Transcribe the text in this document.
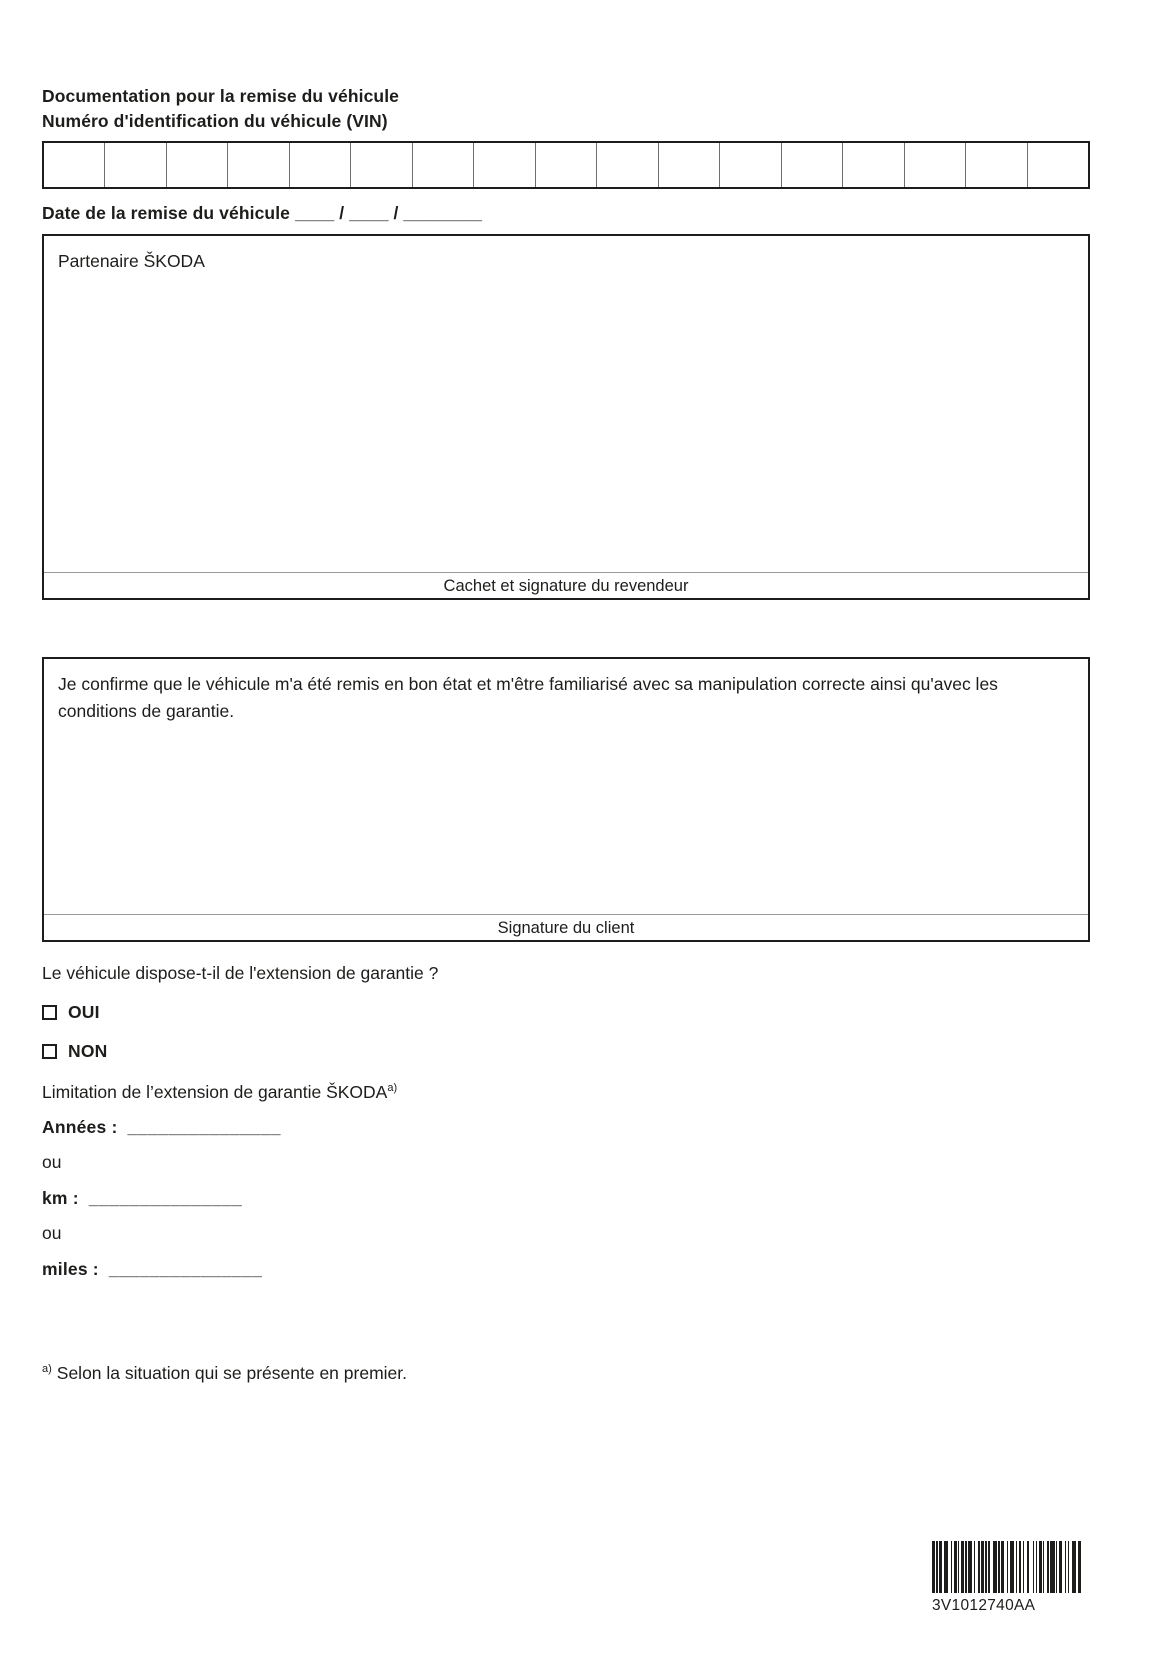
Documentation pour la remise du véhicule
Numéro d'identification du véhicule (VIN)
Date de la remise du véhicule ____ / ____ / ________
Partenaire ŠKODA
Cachet et signature du revendeur
Je confirme que le véhicule m'a été remis en bon état et m'être familiarisé avec sa manipulation correcte ainsi qu'avec les conditions de garantie.
Signature du client
Le véhicule dispose-t-il de l'extension de garantie ?
OUI
NON
Limitation de l’extension de garantie ŠKODA$^{a)}$
Années : _______________
ou
km : _______________
ou
miles : _______________
$^{a)}$ Selon la situation qui se présente en premier.
3V1012740AA
